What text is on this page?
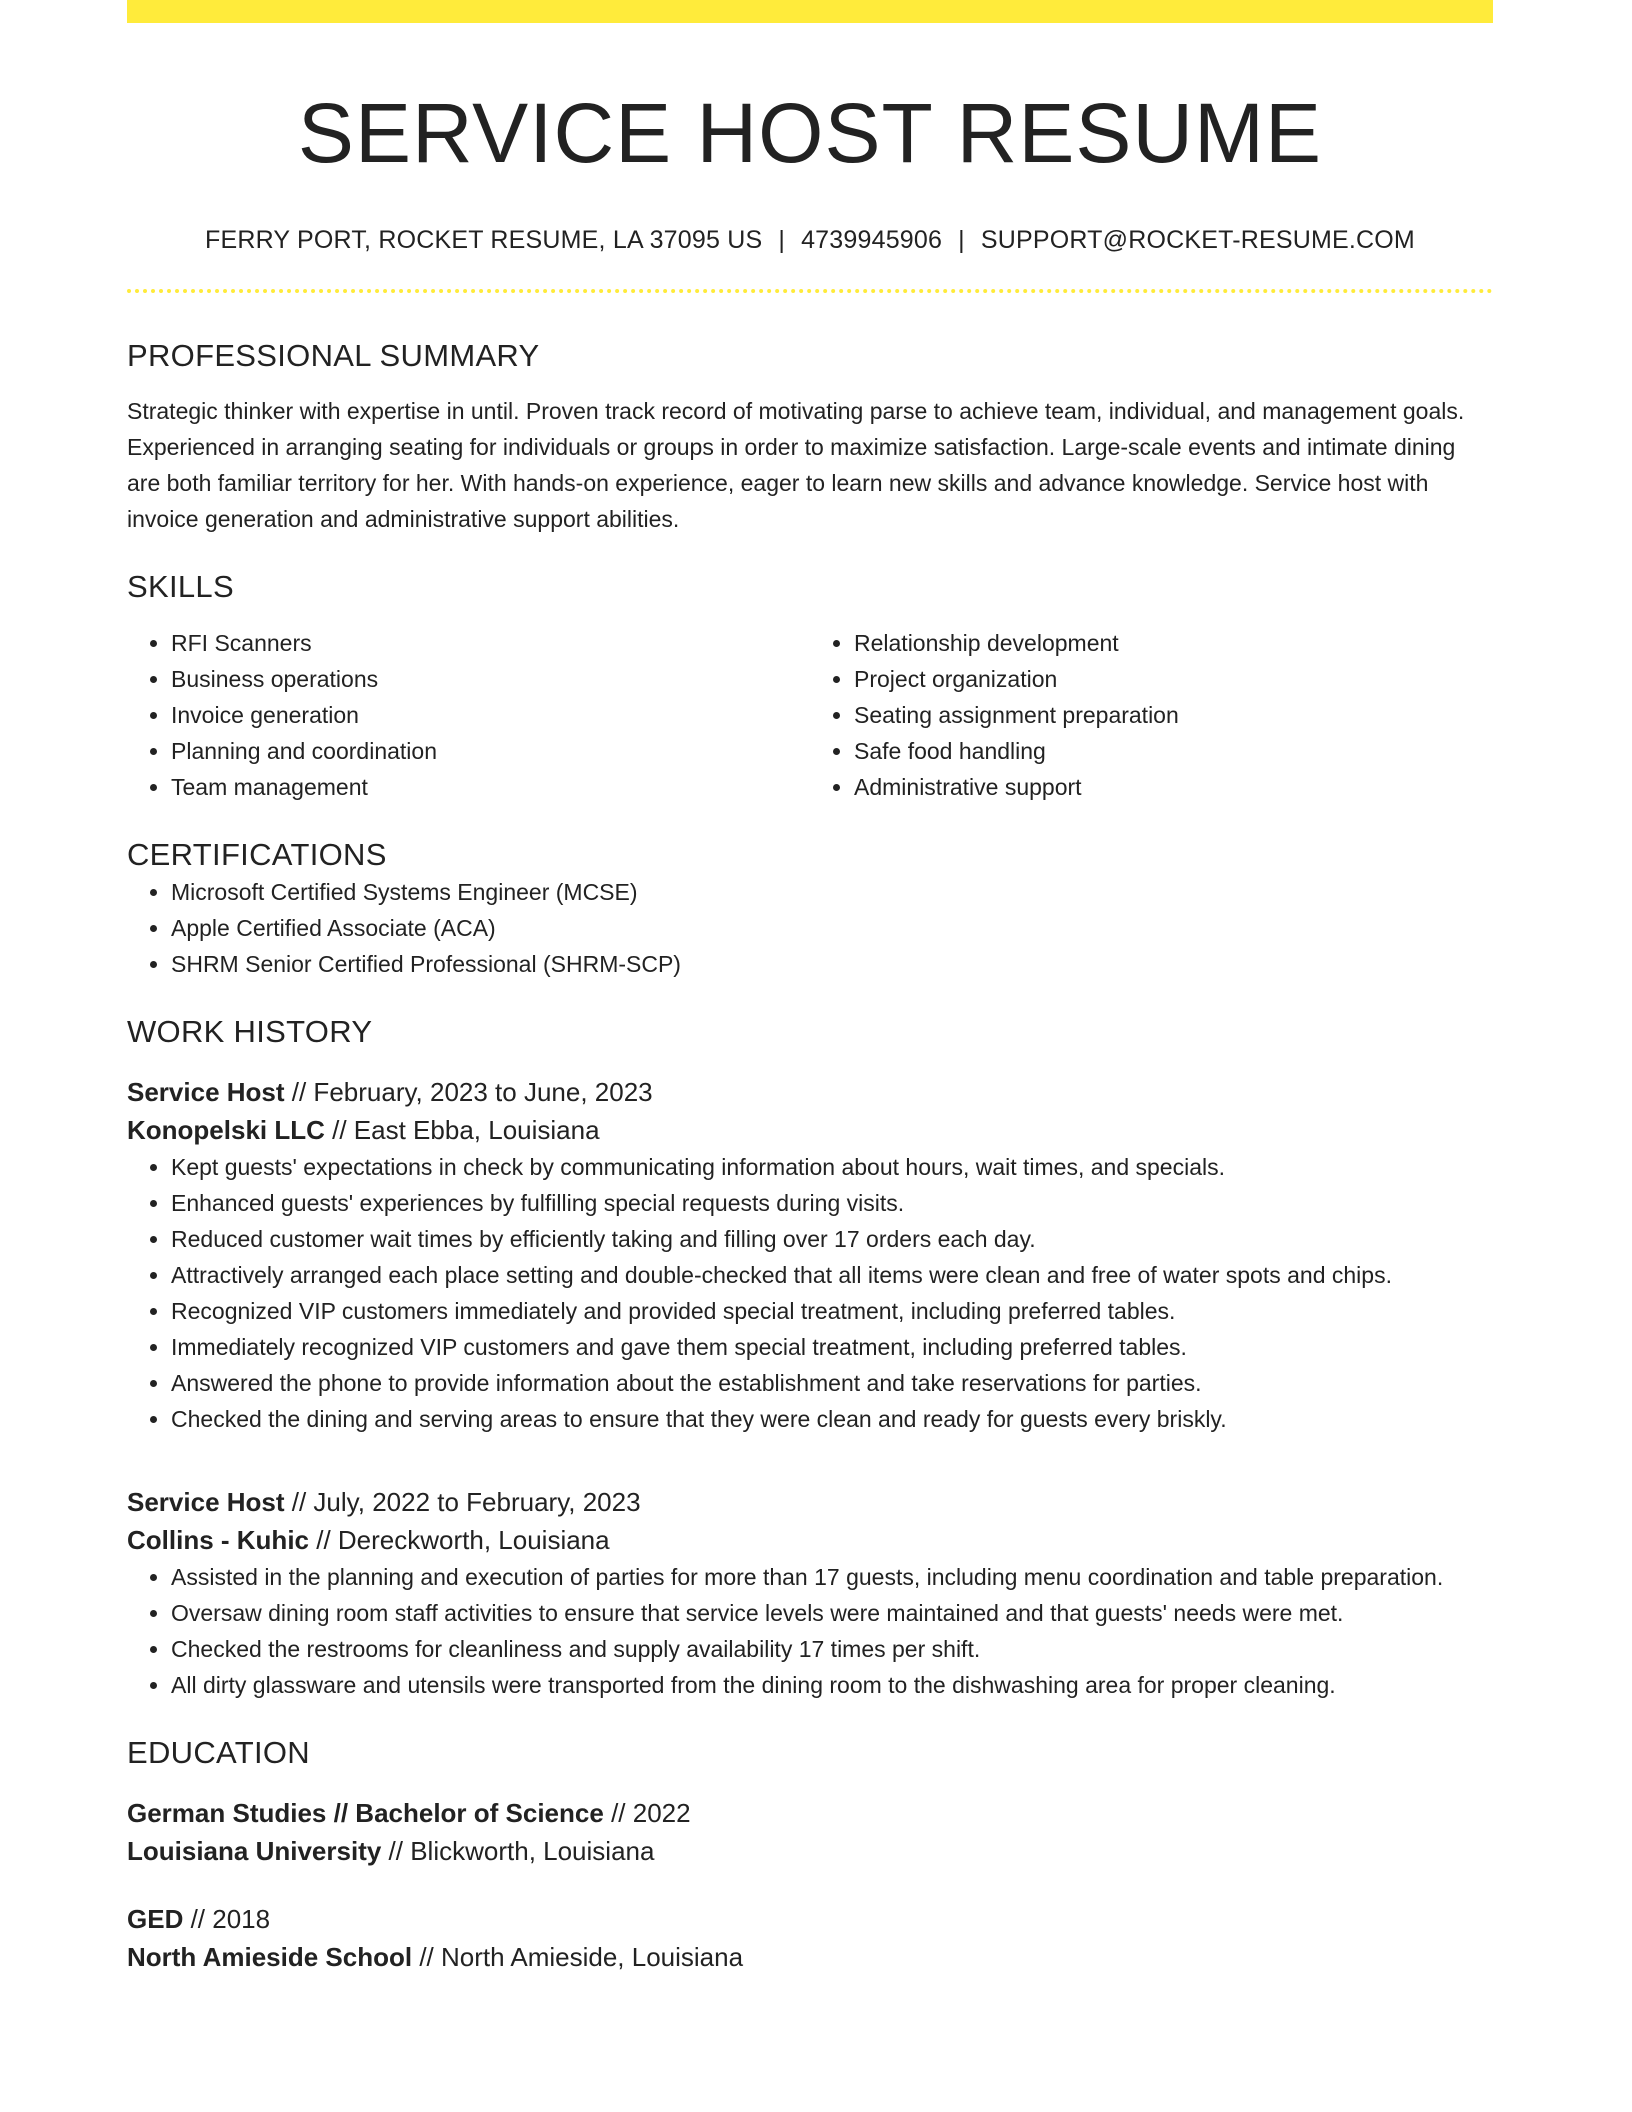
SERVICE HOST RESUME
FERRY PORT, ROCKET RESUME, LA 37095 US | 4739945906 | SUPPORT@ROCKET-RESUME.COM
PROFESSIONAL SUMMARY
Strategic thinker with expertise in until. Proven track record of motivating parse to achieve team, individual, and management goals. Experienced in arranging seating for individuals or groups in order to maximize satisfaction. Large-scale events and intimate dining are both familiar territory for her. With hands-on experience, eager to learn new skills and advance knowledge. Service host with invoice generation and administrative support abilities.
SKILLS
• RFI Scanners
• Business operations
• Invoice generation
• Planning and coordination
• Team management
• Relationship development
• Project organization
• Seating assignment preparation
• Safe food handling
• Administrative support
CERTIFICATIONS
• Microsoft Certified Systems Engineer (MCSE)
• Apple Certified Associate (ACA)
• SHRM Senior Certified Professional (SHRM-SCP)
WORK HISTORY
Service Host // February, 2023 to June, 2023
Konopelski LLC // East Ebba, Louisiana
• Kept guests' expectations in check by communicating information about hours, wait times, and specials.
• Enhanced guests' experiences by fulfilling special requests during visits.
• Reduced customer wait times by efficiently taking and filling over 17 orders each day.
• Attractively arranged each place setting and double-checked that all items were clean and free of water spots and chips.
• Recognized VIP customers immediately and provided special treatment, including preferred tables.
• Immediately recognized VIP customers and gave them special treatment, including preferred tables.
• Answered the phone to provide information about the establishment and take reservations for parties.
• Checked the dining and serving areas to ensure that they were clean and ready for guests every briskly.
Service Host // July, 2022 to February, 2023
Collins - Kuhic // Dereckworth, Louisiana
• Assisted in the planning and execution of parties for more than 17 guests, including menu coordination and table preparation.
• Oversaw dining room staff activities to ensure that service levels were maintained and that guests' needs were met.
• Checked the restrooms for cleanliness and supply availability 17 times per shift.
• All dirty glassware and utensils were transported from the dining room to the dishwashing area for proper cleaning.
EDUCATION
German Studies // Bachelor of Science // 2022
Louisiana University // Blickworth, Louisiana
GED // 2018
North Amieside School // North Amieside, Louisiana
